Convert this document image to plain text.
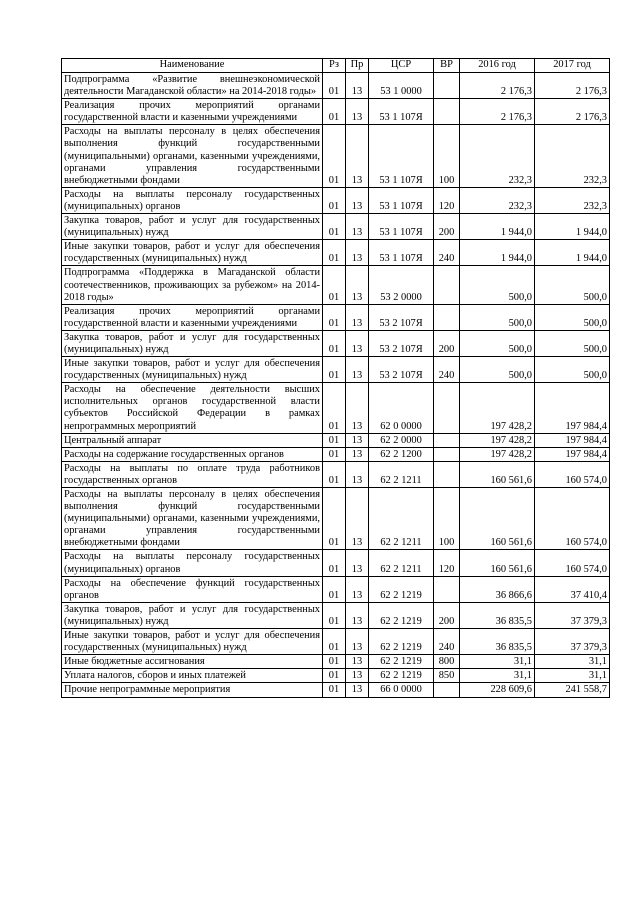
Наименование	Рз	Пр	ЦСР	ВР	2016 год	2017 год
Подпрограмма «Развитие внешнеэкономической деятельности Магаданской области» на 2014-2018 годы»	01	13	53 1 0000		2 176,3	2 176,3
Реализация прочих мероприятий органами государственной власти и казенными учреждениями	01	13	53 1 107Я		2 176,3	2 176,3
Расходы на выплаты персоналу в целях обеспечения выполнения функций государственными (муниципальными) органами, казенными учреждениями, органами управления государственными внебюджетными фондами	01	13	53 1 107Я	100	232,3	232,3
Расходы на выплаты персоналу государственных (муниципальных) органов	01	13	53 1 107Я	120	232,3	232,3
Закупка товаров, работ и услуг для государственных (муниципальных) нужд	01	13	53 1 107Я	200	1 944,0	1 944,0
Иные закупки товаров, работ и услуг для обеспечения государственных (муниципальных) нужд	01	13	53 1 107Я	240	1 944,0	1 944,0
Подпрограмма «Поддержка в Магаданской области соотечественников, проживающих за рубежом» на 2014-2018 годы»	01	13	53 2 0000		500,0	500,0
Реализация прочих мероприятий органами государственной власти и казенными учреждениями	01	13	53 2 107Я		500,0	500,0
Закупка товаров, работ и услуг для государственных (муниципальных) нужд	01	13	53 2 107Я	200	500,0	500,0
Иные закупки товаров, работ и услуг для обеспечения государственных (муниципальных) нужд	01	13	53 2 107Я	240	500,0	500,0
Расходы на обеспечение деятельности высших исполнительных органов государственной власти субъектов Российской Федерации в рамках непрограммных мероприятий	01	13	62 0 0000		197 428,2	197 984,4
Центральный аппарат	01	13	62 2 0000		197 428,2	197 984,4
Расходы на содержание государственных органов	01	13	62 2 1200		197 428,2	197 984,4
Расходы на выплаты по оплате труда работников государственных органов	01	13	62 2 1211		160 561,6	160 574,0
Расходы на выплаты персоналу в целях обеспечения выполнения функций государственными (муниципальными) органами, казенными учреждениями, органами управления государственными внебюджетными фондами	01	13	62 2 1211	100	160 561,6	160 574,0
Расходы на выплаты персоналу государственных (муниципальных) органов	01	13	62 2 1211	120	160 561,6	160 574,0
Расходы на обеспечение функций государственных органов	01	13	62 2 1219		36 866,6	37 410,4
Закупка товаров, работ и услуг для государственных (муниципальных) нужд	01	13	62 2 1219	200	36 835,5	37 379,3
Иные закупки товаров, работ и услуг для обеспечения государственных (муниципальных) нужд	01	13	62 2 1219	240	36 835,5	37 379,3
Иные бюджетные ассигнования	01	13	62 2 1219	800	31,1	31,1
Уплата налогов, сборов и иных платежей	01	13	62 2 1219	850	31,1	31,1
Прочие непрограммные мероприятия	01	13	66 0 0000		228 609,6	241 558,7
